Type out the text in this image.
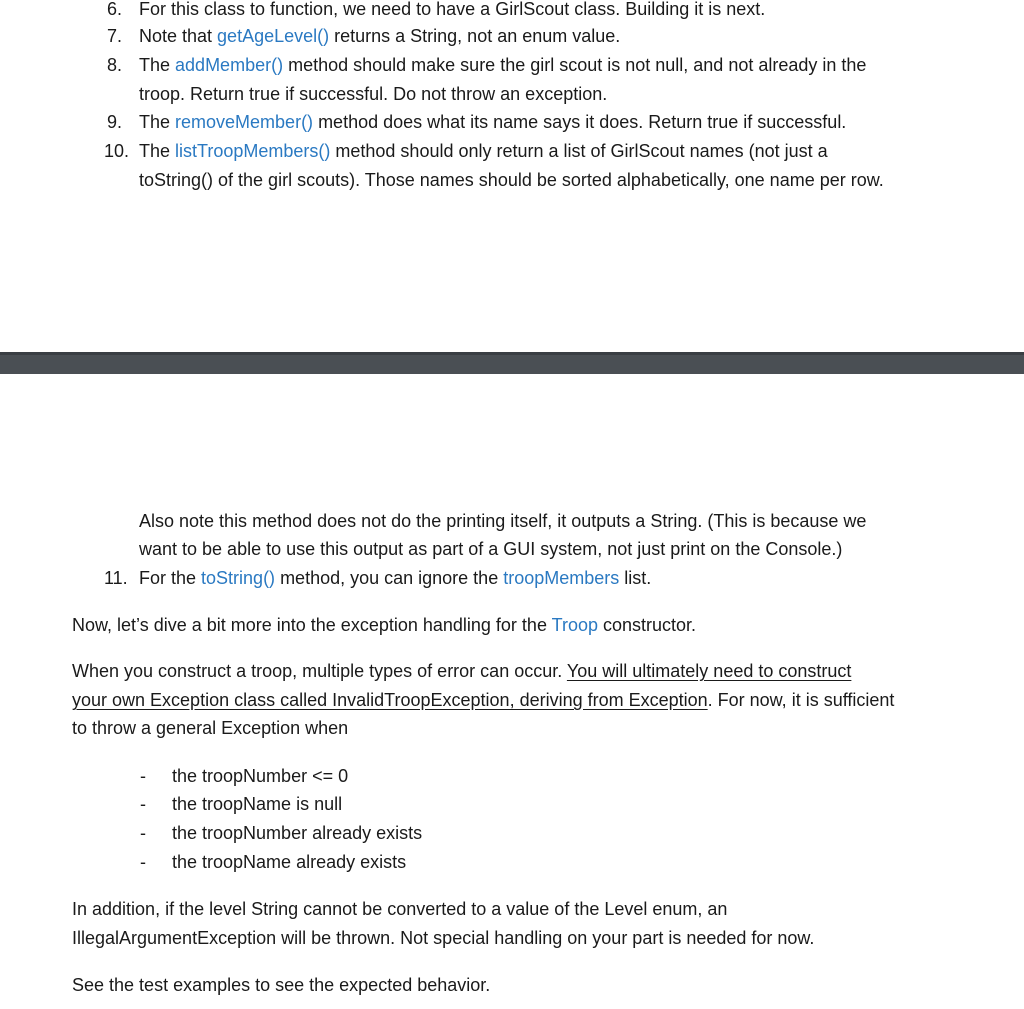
6. For this class to function, we need to have a GirlScout class. Building it is next.
7. Note that getAgeLevel() returns a String, not an enum value.
8. The addMember() method should make sure the girl scout is not null, and not already in the
troop. Return true if successful. Do not throw an exception.
9. The removeMember() method does what its name says it does. Return true if successful.
10. The listTroopMembers() method should only return a list of GirlScout names (not just a
toString() of the girl scouts). Those names should be sorted alphabetically, one name per row.
Also note this method does not do the printing itself, it outputs a String. (This is because we
want to be able to use this output as part of a GUI system, not just print on the Console.)
11. For the toString() method, you can ignore the troopMembers list.
Now, let’s dive a bit more into the exception handling for the Troop constructor.
When you construct a troop, multiple types of error can occur. You will ultimately need to construct
your own Exception class called InvalidTroopException, deriving from Exception. For now, it is sufficient
to throw a general Exception when
- the troopNumber <= 0
- the troopName is null
- the troopNumber already exists
- the troopName already exists
In addition, if the level String cannot be converted to a value of the Level enum, an
IllegalArgumentException will be thrown. Not special handling on your part is needed for now.
See the test examples to see the expected behavior.
